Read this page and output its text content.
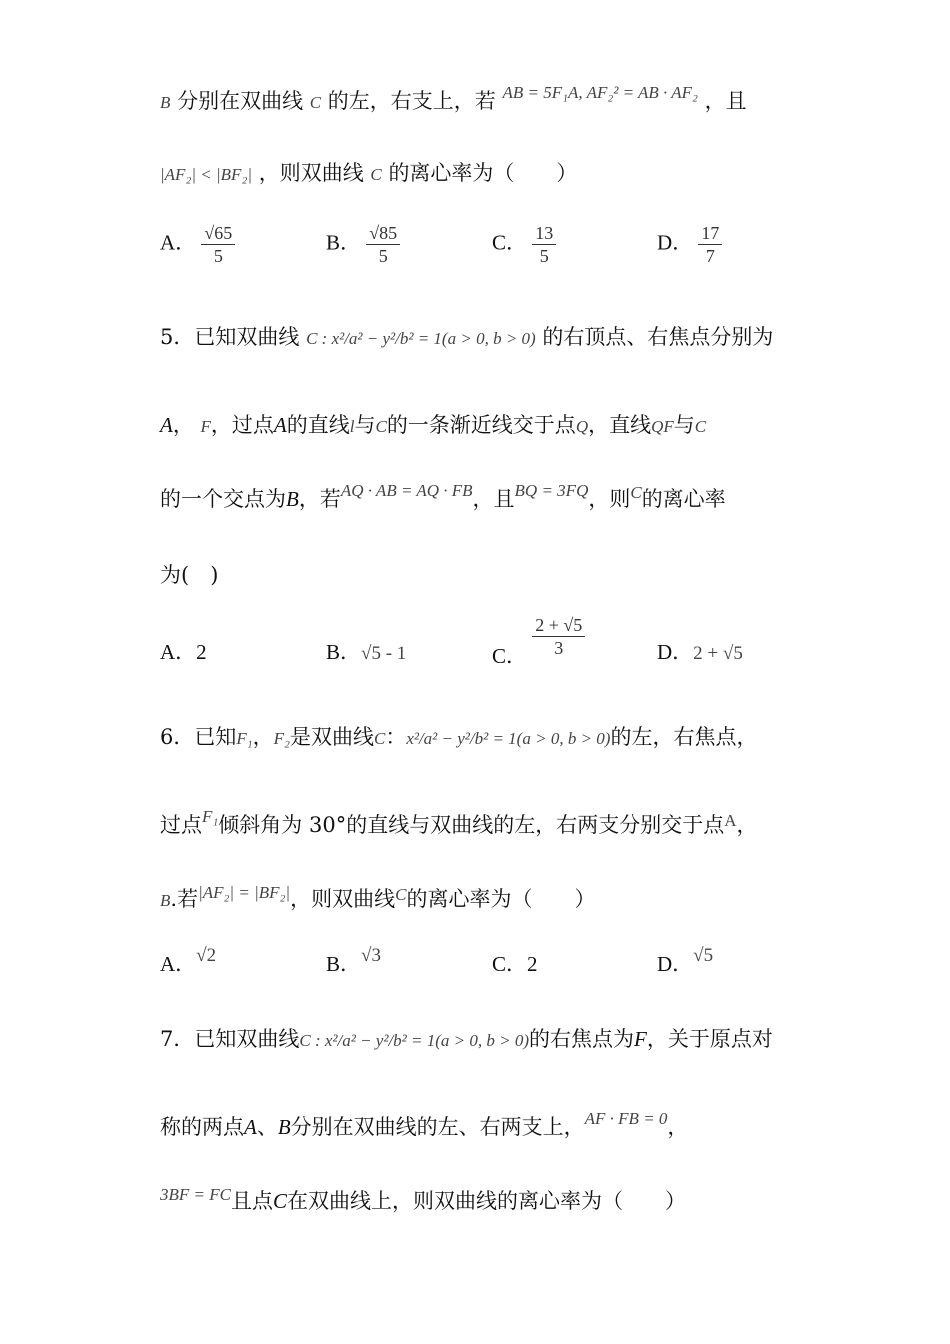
B 分别在双曲线 C 的左，右支上，若 $^{AB = 5F_1A, AF_2^2 = AB \cdot AF_2}$ ，且
|AF₂| < |BF₂| ，则双曲线 C 的离心率为（　　）
A． $\frac{√65}{5}$	B． $\frac{√85}{5}$	C． $\frac{13}{5}$	D． $\frac{17}{7}$
5．已知双曲线 C : x²/a² − y²/b² = 1(a > 0, b > 0) 的右顶点、右焦点分别为
A， F，过点A的直线l与C的一条渐近线交于点Q，直线QF与C
的一个交点为B，若$^{AQ \cdot AB = AQ \cdot FB}$，且$^{BQ = 3FQ}$，则$^C$的离心率
为(　)
A．2	B．√5 - 1	C． $\frac{2 + √5}{3}$	D．2 + √5
6．已知F₁，F₂是双曲线C：x²/a² − y²/b² = 1(a > 0, b > 0)的左，右焦点，
过点$^{F_1}$倾斜角为 30°的直线与双曲线的左，右两支分别交于点$^A$，
B.若$^{|AF_2| = |BF_2|}$，则双曲线$^C$的离心率为（　　）
A．√2	B．√3	C．2	D．√5
7．已知双曲线C : x²/a² − y²/b² = 1(a > 0, b > 0)的右焦点为F，关于原点对
称的两点A、B分别在双曲线的左、右两支上，$^{AF \cdot FB = 0}$，
$^{3BF = FC}$且点C在双曲线上，则双曲线的离心率为（　　）
